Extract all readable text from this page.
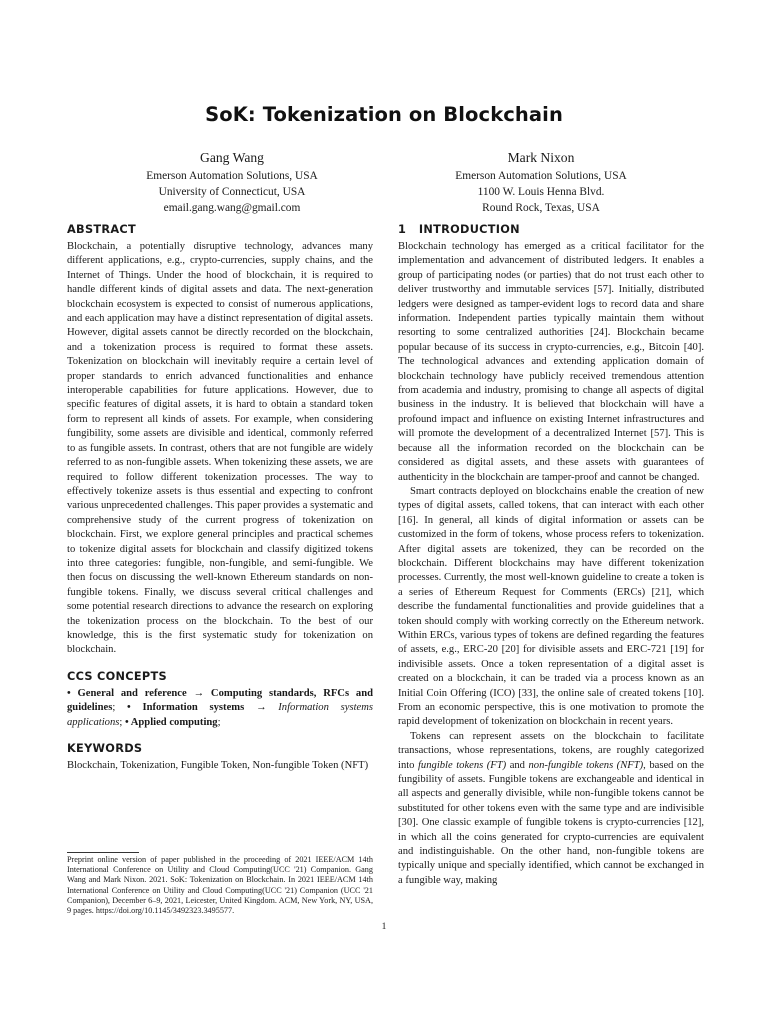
SoK: Tokenization on Blockchain
Gang Wang
Emerson Automation Solutions, USA
University of Connecticut, USA
email.gang.wang@gmail.com
Mark Nixon
Emerson Automation Solutions, USA
1100 W. Louis Henna Blvd.
Round Rock, Texas, USA
ABSTRACT

Blockchain, a potentially disruptive technology, advances many different applications, e.g., crypto-currencies, supply chains, and the Internet of Things. Under the hood of blockchain, it is required to handle different kinds of digital assets and data. The next-generation blockchain ecosystem is expected to consist of numerous applications, and each application may have a distinct representation of digital assets. However, digital assets cannot be directly recorded on the blockchain, and a tokenization process is required to format these assets. Tokenization on blockchain will inevitably require a certain level of proper standards to enrich advanced functionalities and enhance interoperable capabilities for future applications. However, due to specific features of digital assets, it is hard to obtain a standard token form to represent all kinds of assets. For example, when considering fungibility, some assets are divisible and identical, commonly referred to as fungible assets. In contrast, others that are not fungible are widely referred to as non-fungible assets. When tokenizing these assets, we are required to follow different tokenization processes. The way to effectively tokenize assets is thus essential and expecting to confront various unprecedented challenges. This paper provides a systematic and comprehensive study of the current progress of tokenization on blockchain. First, we explore general principles and practical schemes to tokenize digital assets for blockchain and classify digitized tokens into three categories: fungible, non-fungible, and semi-fungible. We then focus on discussing the well-known Ethereum standards on non-fungible tokens. Finally, we discuss several critical challenges and some potential research directions to advance the research on exploring the tokenization process on the blockchain. To the best of our knowledge, this is the first systematic study for tokenization on blockchain.

CCS CONCEPTS

• General and reference → Computing standards, RFCs and guidelines; • Information systems → Information systems applications; • Applied computing;

KEYWORDS

Blockchain, Tokenization, Fungible Token, Non-fungible Token (NFT)

Preprint online version of paper published in the proceeding of 2021 IEEE/ACM 14th International Conference on Utility and Cloud Computing(UCC '21) Companion. Gang Wang and Mark Nixon. 2021. SoK: Tokenization on Blockchain. In 2021 IEEE/ACM 14th International Conference on Utility and Cloud Computing(UCC '21) Companion (UCC '21 Companion), December 6–9, 2021, Leicester, United Kingdom. ACM, New York, NY, USA, 9 pages. https://doi.org/10.1145/3492323.3495577.
1   INTRODUCTION

Blockchain technology has emerged as a critical facilitator for the implementation and advancement of distributed ledgers. It enables a group of participating nodes (or parties) that do not trust each other to deliver trustworthy and immutable services [57]. Initially, distributed ledgers were designed as tamper-evident logs to record data and share information. Independent parties typically maintain them without resorting to some centralized authorities [24]. Blockchain became popular because of its success in crypto-currencies, e.g., Bitcoin [40]. The technological advances and extending application domain of blockchain technology have publicly received tremendous attention from academia and industry, promising to change all aspects of digital business in the industry. It is believed that blockchain will have a profound impact and influence on existing Internet infrastructures and will promote the development of a decentralized Internet [57]. This is because all the information recorded on the blockchain can be considered as digital assets, and these assets with guarantees of authenticity in the blockchain are tamper-proof and cannot be changed.

Smart contracts deployed on blockchains enable the creation of new types of digital assets, called tokens, that can interact with each other [16]. In general, all kinds of digital information or assets can be customized in the form of tokens, whose process refers to tokenization. After digital assets are tokenized, they can be recorded on the blockchain. Different blockchains may have different tokenization processes. Currently, the most well-known guideline to create a token is a series of Ethereum Request for Comments (ERCs) [21], which describe the fundamental functionalities and provide guidelines that a token should comply with working correctly on the Ethereum network. Within ERCs, various types of tokens are defined regarding the features of assets, e.g., ERC-20 [20] for divisible assets and ERC-721 [19] for indivisible assets. Once a token representation of a digital asset is created on a blockchain, it can be traded via a process known as an Initial Coin Offering (ICO) [33], the online sale of created tokens [10]. From an economic perspective, this is one motivation to promote the rapid development of tokenization on blockchain in recent years.

Tokens can represent assets on the blockchain to facilitate transactions, whose representations, tokens, are roughly categorized into fungible tokens (FT) and non-fungible tokens (NFT), based on the fungibility of assets. Fungible tokens are exchangeable and identical in all aspects and generally divisible, while non-fungible tokens cannot be substituted for other tokens even with the same type and are indivisible [30]. One classic example of fungible tokens is crypto-currencies [12], in which all the coins generated for crypto-currencies are equivalent and indistinguishable. On the other hand, non-fungible tokens are typically unique and specially identified, which cannot be exchanged in a fungible way, making

1
